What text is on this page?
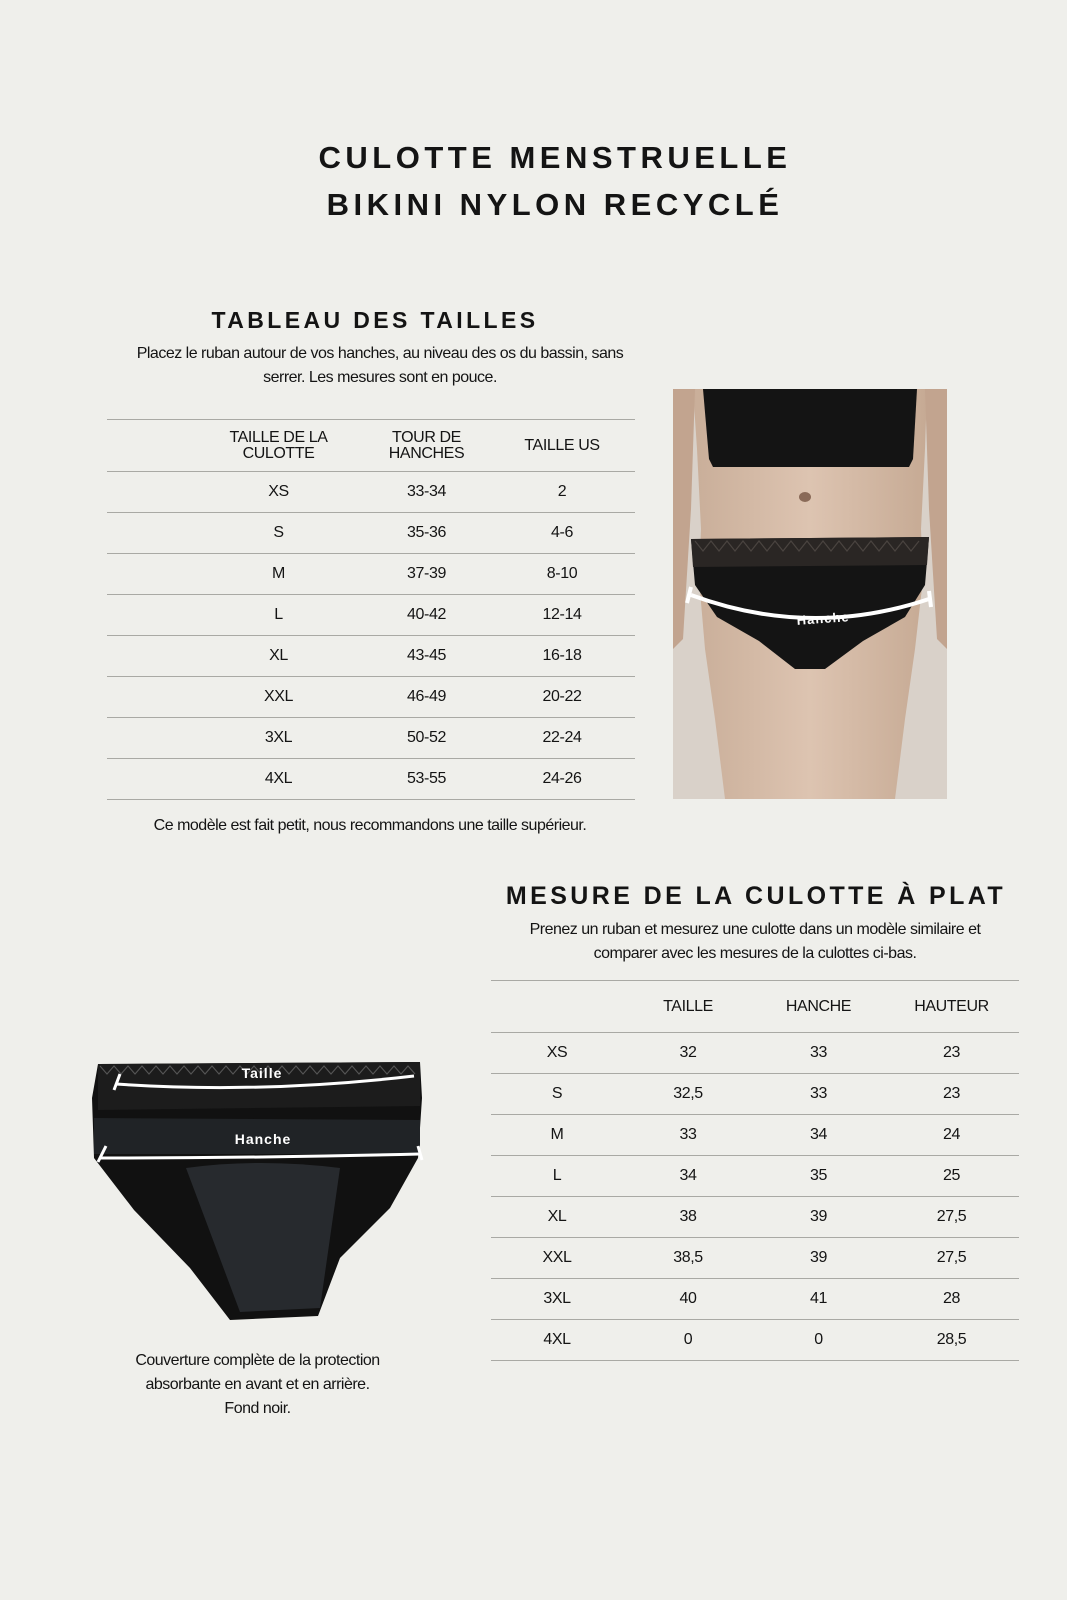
CULOTTE MENSTRUELLE
BIKINI NYLON RECYCLÉ
TABLEAU DES TAILLES
Placez le ruban autour de vos hanches, au niveau des os du bassin, sans
serrer. Les mesures sont en pouce.
TAILLE DE LA CULOTTE	TOUR DE HANCHES	TAILLE US
XS	33-34	2
S	35-36	4-6
M	37-39	8-10
L	40-42	12-14
XL	43-45	16-18
XXL	46-49	20-22
3XL	50-52	22-24
4XL	53-55	24-26
Ce modèle est fait petit, nous recommandons une taille supérieur.
Hanche
MESURE DE LA CULOTTE À PLAT
Prenez un ruban et mesurez une culotte dans un modèle similaire et
comparer avec les mesures de la culottes ci-bas.
	TAILLE	HANCHE	HAUTEUR
XS	32	33	23
S	32,5	33	23
M	33	34	24
L	34	35	25
XL	38	39	27,5
XXL	38,5	39	27,5
3XL	40	41	28
4XL	0	0	28,5
Taille
Hanche
Couverture complète de la protection
absorbante en avant et en arrière.
Fond noir.
